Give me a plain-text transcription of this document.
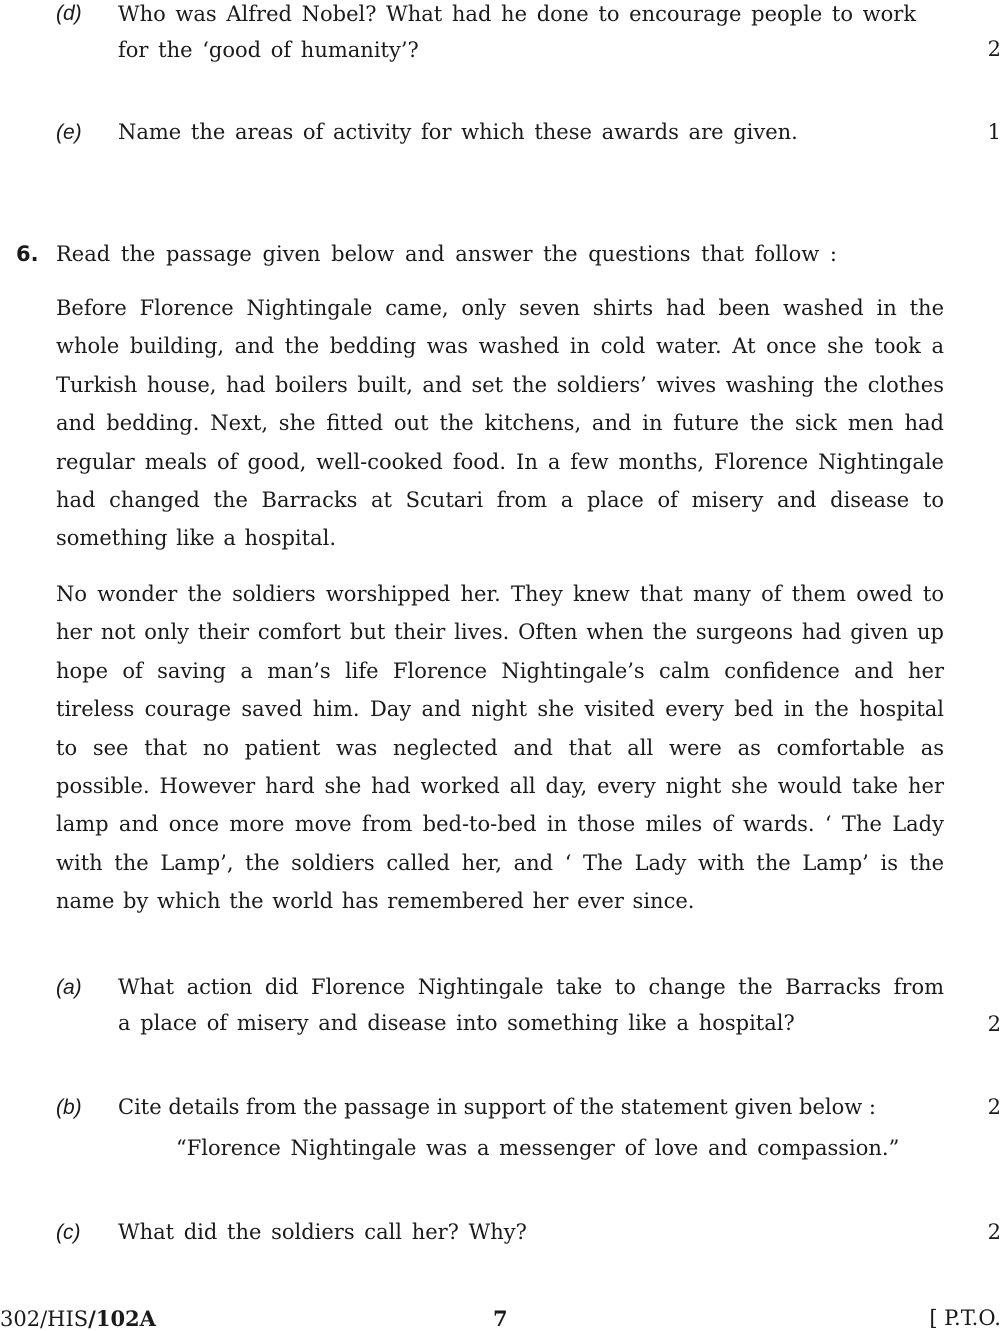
(d) Who was Alfred Nobel? What had he done to encourage people to work
for the ‘good of humanity’?	2
(e) Name the areas of activity for which these awards are given.	1
6. Read the passage given below and answer the questions that follow :
Before Florence Nightingale came, only seven shirts had been washed in the whole building, and the bedding was washed in cold water. At once she took a Turkish house, had boilers built, and set the soldiers’ wives washing the clothes and bedding. Next, she fitted out the kitchens, and in future the sick men had regular meals of good, well-cooked food. In a few months, Florence Nightingale had changed the Barracks at Scutari from a place of misery and disease to something like a hospital.
No wonder the soldiers worshipped her. They knew that many of them owed to her not only their comfort but their lives. Often when the surgeons had given up hope of saving a man’s life Florence Nightingale’s calm confidence and her tireless courage saved him. Day and night she visited every bed in the hospital to see that no patient was neglected and that all were as comfortable as possible. However hard she had worked all day, every night she would take her lamp and once more move from bed-to-bed in those miles of wards. ‘ The Lady with the Lamp’, the soldiers called her, and ‘ The Lady with the Lamp’ is the name by which the world has remembered her ever since.
(a) What action did Florence Nightingale take to change the Barracks from
a place of misery and disease into something like a hospital?	2
(b) Cite details from the passage in support of the statement given below :	2
“Florence Nightingale was a messenger of love and compassion.”
(c) What did the soldiers call her? Why?	2
302/HIS/102A	7	[ P.T.O.
